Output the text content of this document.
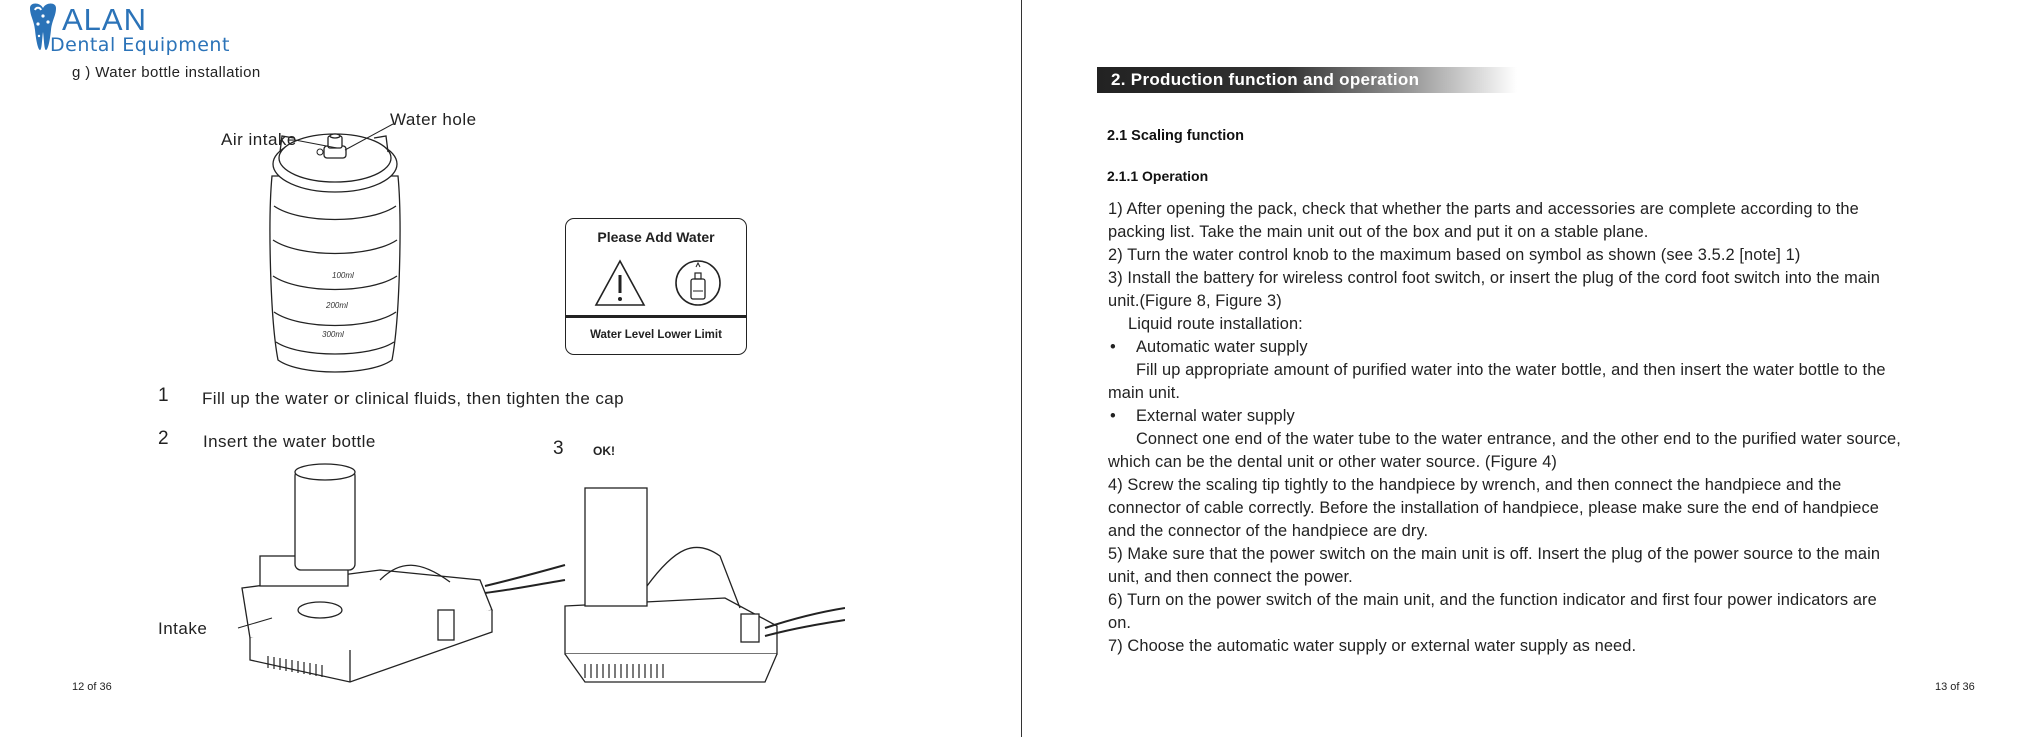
ALAN
Dental Equipment
g ) Water bottle installation
100ml
200ml
300ml
Air intake
Water hole
Please Add Water
Water Level Lower Limit
1 Fill up the water or clinical fluids, then tighten the cap
2 Insert the water bottle	3 OK!
Intake
12 of 36
2. Production function and operation
2.1 Scaling function
2.1.1 Operation

1) After opening the pack, check that whether the parts and accessories are complete according to the

packing list. Take the main unit out of the box and put it on a stable plane.

2) Turn the water control knob to the maximum based on symbol as shown (see 3.5.2 [note] 1)

3) Install the battery for wireless control foot switch, or insert the plug of the cord foot switch into the main

unit.(Figure 8, Figure 3)

Liquid route installation:

• Automatic water supply

Fill up appropriate amount of purified water into the water bottle, and then insert the water bottle to the

main unit.

• External water supply

Connect one end of the water tube to the water entrance, and the other end to the purified water source,

which can be the dental unit or other water source. (Figure 4)

4) Screw the scaling tip tightly to the handpiece by wrench, and then connect the handpiece and the

connector of cable correctly. Before the installation of handpiece, please make sure the end of handpiece

and the connector of the handpiece are dry.

5) Make sure that the power switch on the main unit is off. Insert the plug of the power source to the main

unit, and then connect the power.

6) Turn on the power switch of the main unit, and the function indicator and first four power indicators are

on.

7) Choose the automatic water supply or external water supply as need.

13 of 36
